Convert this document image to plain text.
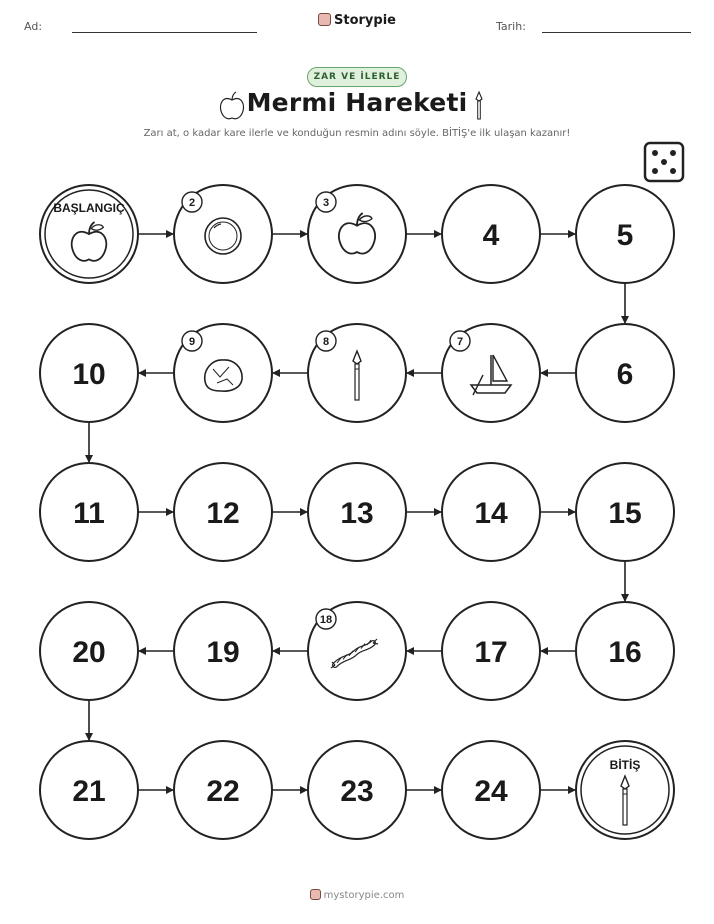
Ad:	Storypie	Tarih:
ZAR VE İLERLE
Mermi Hareketi
Zarı at, o kadar kare ilerle ve konduğun resmin adını söyle. BİTİŞ'e ilk ulaşan kazanır!
BAŞLANGIÇ	2	3
4	5
6
7
8
9
10
11	12	13	14	15
16
17
18
19
20
21	22	23	24
BİTİŞ
mystorypie.com
